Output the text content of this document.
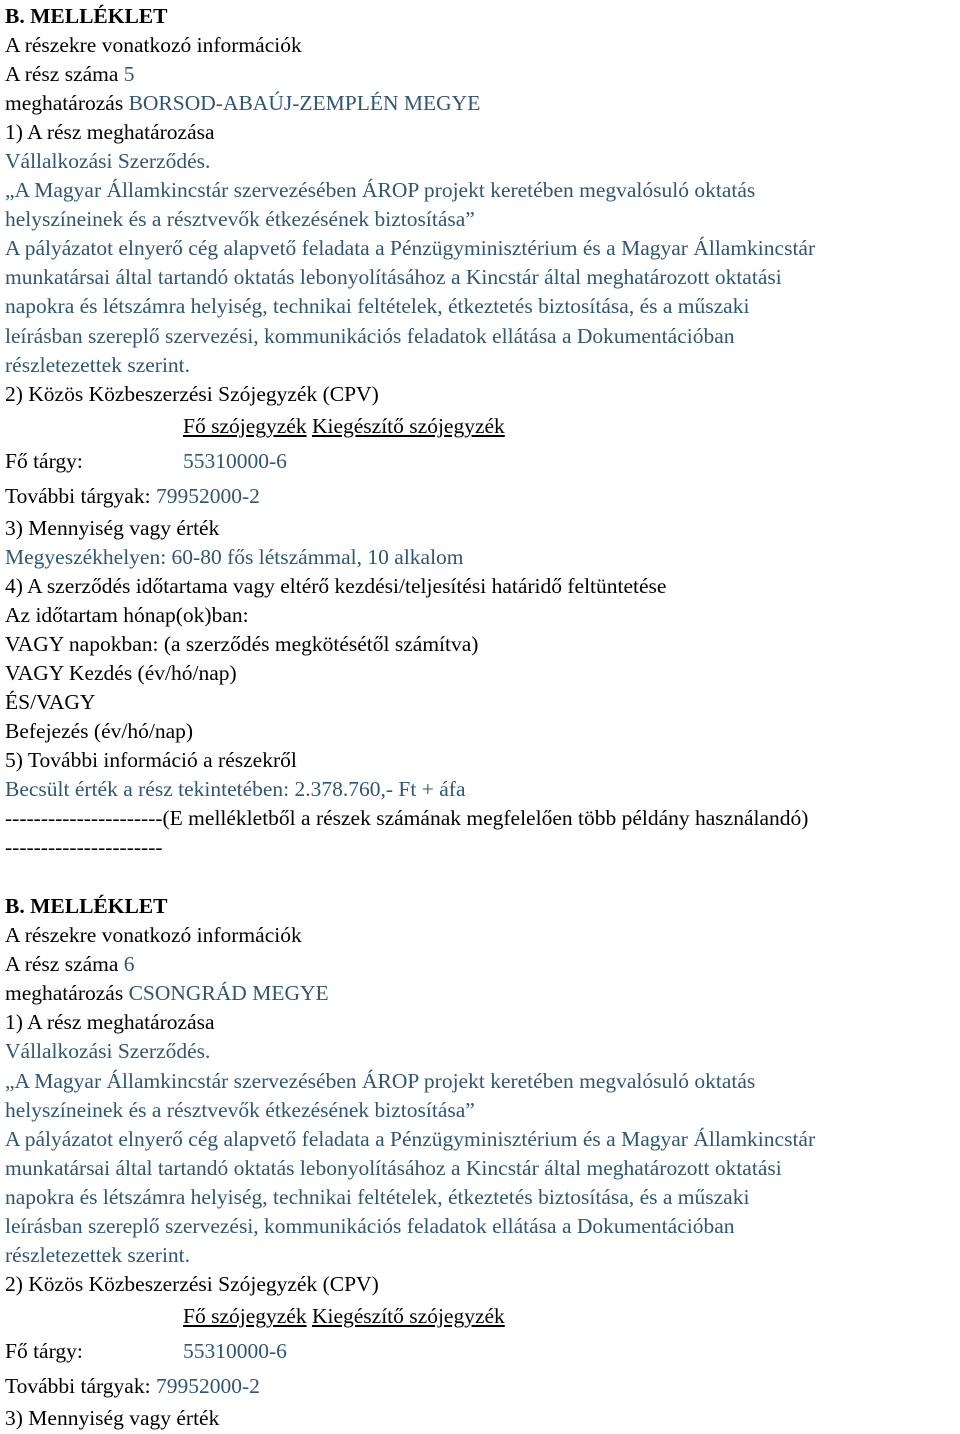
B. MELLÉKLET
A részekre vonatkozó információk
A rész száma 5
meghatározás BORSOD-ABAÚJ-ZEMPLÉN MEGYE
1) A rész meghatározása
Vállalkozási Szerződés.
„A Magyar Államkincstár szervezésében ÁROP projekt keretében megvalósuló oktatás
helyszíneinek és a résztvevők étkezésének biztosítása”
A pályázatot elnyerő cég alapvető feladata a Pénzügyminisztérium és a Magyar Államkincstár
munkatársai által tartandó oktatás lebonyolításához a Kincstár által meghatározott oktatási
napokra és létszámra helyiség, technikai feltételek, étkeztetés biztosítása, és a műszaki
leírásban szereplő szervezési, kommunikációs feladatok ellátása a Dokumentációban
részletezettek szerint.
2) Közös Közbeszerzési Szójegyzék (CPV)
Fő szójegyzék Kiegészítő szójegyzék
Fő tárgy:	55310000-6
További tárgyak: 79952000-2
3) Mennyiség vagy érték
Megyeszékhelyen: 60-80 fős létszámmal, 10 alkalom
4) A szerződés időtartama vagy eltérő kezdési/teljesítési határidő feltüntetése
Az időtartam hónap(ok)ban:
VAGY napokban: (a szerződés megkötésétől számítva)
VAGY Kezdés (év/hó/nap)
ÉS/VAGY
Befejezés (év/hó/nap)
5) További információ a részekről
Becsült érték a rész tekintetében: 2.378.760,- Ft + áfa
----------------------(E mellékletből a részek számának megfelelően több példány használandó)
----------------------
B. MELLÉKLET
A részekre vonatkozó információk
A rész száma 6
meghatározás CSONGRÁD MEGYE
1) A rész meghatározása
Vállalkozási Szerződés.
„A Magyar Államkincstár szervezésében ÁROP projekt keretében megvalósuló oktatás
helyszíneinek és a résztvevők étkezésének biztosítása”
A pályázatot elnyerő cég alapvető feladata a Pénzügyminisztérium és a Magyar Államkincstár
munkatársai által tartandó oktatás lebonyolításához a Kincstár által meghatározott oktatási
napokra és létszámra helyiség, technikai feltételek, étkeztetés biztosítása, és a műszaki
leírásban szereplő szervezési, kommunikációs feladatok ellátása a Dokumentációban
részletezettek szerint.
2) Közös Közbeszerzési Szójegyzék (CPV)
Fő szójegyzék Kiegészítő szójegyzék
Fő tárgy:	55310000-6
További tárgyak: 79952000-2
3) Mennyiség vagy érték
